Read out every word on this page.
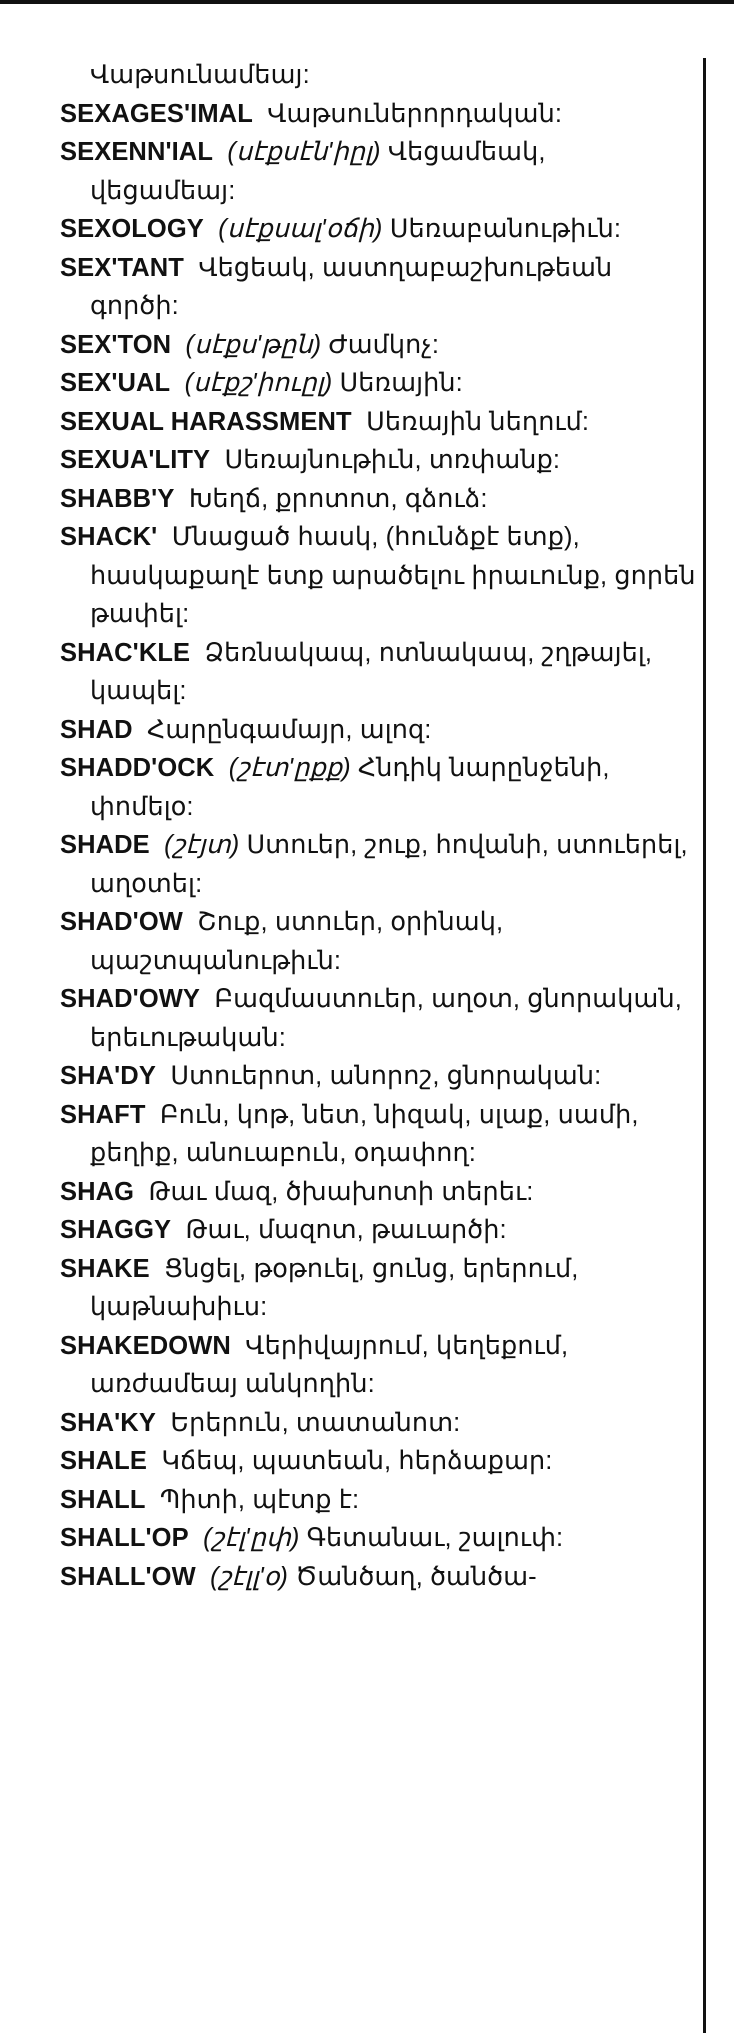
Վաթսունամեայ:
SEXAGES'IMAL Վաթսուներորդական:
SEXENN'IAL (սէքսէն'իըլ) Վեցամեակ, վեցամեայ:
SEXOLOGY (սէքսալ'օճի) Սեռաբանութիւն:
SEX'TANT Վեցեակ, աստղաբաշխութեան գործի:
SEX'TON (սէքս'թըն) Ժամկոչ:
SEX'UAL (սէքշ'իուըլ) Սեռային:
SEXUAL HARASSMENT Սեռային նեղում:
SEXUA'LITY Սեռայնութիւն, տռփանք:
SHABB'Y Խեղճ, քրոտոտ, գձուձ:
SHACK' Մնացած հասկ, (հունձքէ ետք), հասկաքաղէ ետք արածելու իրաւունք, ցորեն թափել:
SHAC'KLE Ձեռնակապ, ոտնակապ, շղթայել, կապել:
SHAD Հարընգամայր, ալոզ:
SHADD'OCK (շէտ'ըքք) Հնդիկ նարընջենի, փոմելօ:
SHADE (շէյտ) Ստուեր, շուք, հովանի, ստուերել, աղօտել:
SHAD'OW Շուք, ստուեր, օրինակ, պաշտպանութիւն:
SHAD'OWY Բազմաստուեր, աղօտ, ցնորական, երեւութական:
SHA'DY Ստուերոտ, անորոշ, ցնորական:
SHAFT Բուն, կոթ, նետ, նիզակ, սլաք, սամի, քեղիք, անուաբուն, օդափող:
SHAG Թաւ մազ, ծխախոտի տերեւ:
SHAGGY Թաւ, մազոտ, թաւարծի:
SHAKE Ցնցել, թօթուել, ցունց, երերում, կաթնախիւս:
SHAKEDOWN Վերիվայրում, կեղեքում, առժամեայ անկողին:
SHA'KY Երերուն, տատանոտ:
SHALE Կճեպ, պատեան, հերձաքար:
SHALL Պիտի, պէտք է:
SHALL'OP (շէլ'ըփ) Գետանաւ, շալուփ:
SHALL'OW (շէլլ'օ) Ծանծաղ, ծանծա-
